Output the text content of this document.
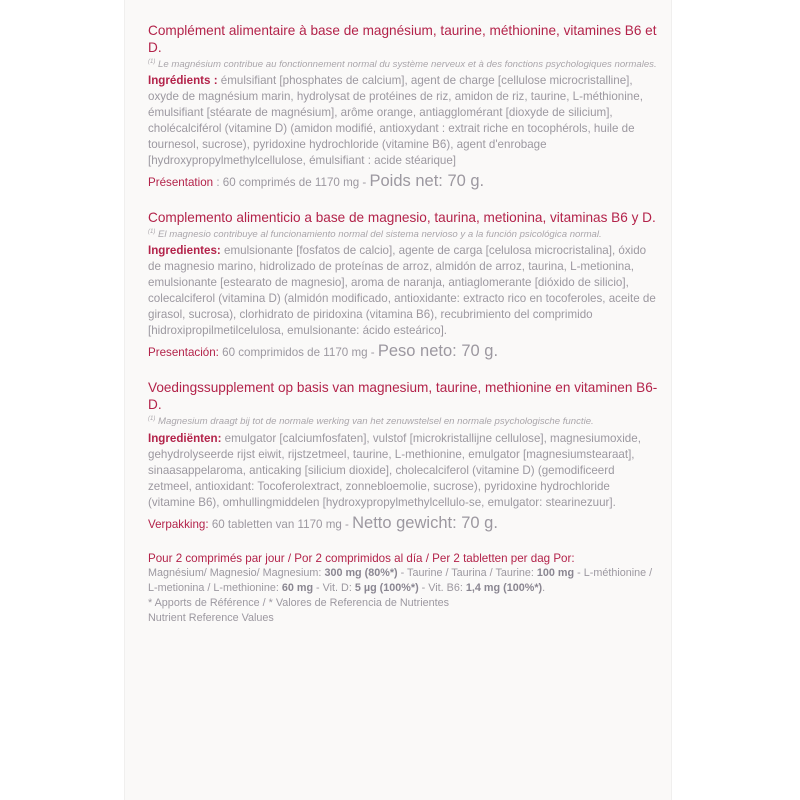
Complément alimentaire à base de magnésium, taurine, méthionine, vitamines B6 et D.

$^{(1)}$ Le magnésium contribue au fonctionnement normal du système nerveux et à des fonctions psychologiques normales.

Ingrédients : émulsifiant [phosphates de calcium], agent de charge [cellulose microcristalline], oxyde de magnésium marin, hydrolysat de protéines de riz, amidon de riz, taurine, L-méthionine, émulsifiant [stéarate de magnésium], arôme orange, antiagglomérant [dioxyde de silicium], cholécalciférol (vitamine D) (amidon modifié, antioxydant : extrait riche en tocophérols, huile de tournesol, sucrose), pyridoxine hydrochloride (vitamine B6), agent d'enrobage [hydroxypropylmethylcellulose, émulsifiant : acide stéarique]

Présentation : 60 comprimés de 1170 mg - Poids net: 70 g.

Complemento alimenticio a base de magnesio, taurina, metionina, vitaminas B6 y D.

$^{(1)}$ El magnesio contribuye al funcionamiento normal del sistema nervioso y a la función psicológica normal.

Ingredientes: emulsionante [fosfatos de calcio], agente de carga [celulosa microcristalina], óxido de magnesio marino, hidrolizado de proteínas de arroz, almidón de arroz, taurina, L-metionina, emulsionante [estearato de magnesio], aroma de naranja, antiaglomerante [dióxido de silicio], colecalciferol (vitamina D) (almidón modificado, antioxidante: extracto rico en tocoferoles, aceite de girasol, sucrosa), clorhidrato de piridoxina (vitamina B6), recubrimiento del comprimido [hidroxipropilmetilcelulosa, emulsionante: ácido esteárico].

Presentación: 60 comprimidos de 1170 mg - Peso neto: 70 g.

Voedingssupplement op basis van magnesium, taurine, methionine en vitaminen B6-D.

$^{(1)}$ Magnesium draagt bij tot de normale werking van het zenuwstelsel en normale psychologische functie.

Ingrediënten: emulgator [calciumfosfaten], vulstof [microkristallijne cellulose], magnesiumoxide, gehydrolyseerde rijst eiwit, rijstzetmeel, taurine, L-methionine, emulgator [magnesiumstearaat], sinaasappelaroma, anticaking [silicium dioxide], cholecalciferol (vitamine D) (gemodificeerd zetmeel, antioxidant: Tocoferolextract, zonnebloemolie, sucrose), pyridoxine hydrochloride (vitamine B6), omhullingmiddelen [hydroxypropylmethylcellulo-se, emulgator: stearinezuur].

Verpakking: 60 tabletten van 1170 mg - Netto gewicht: 70 g.

Pour 2 comprimés par jour / Por 2 comprimidos al día / Per 2 tabletten per dag Por:

Magnésium/ Magnesio/ Magnesium: 300 mg (80%*) - Taurine / Taurina / Taurine: 100 mg - L-méthionine / L-metionina / L-methionine: 60 mg - Vit. D: 5 µg (100%*) - Vit. B6: 1,4 mg (100%*).

* Apports de Référence / * Valores de Referencia de Nutrientes

Nutrient Reference Values
